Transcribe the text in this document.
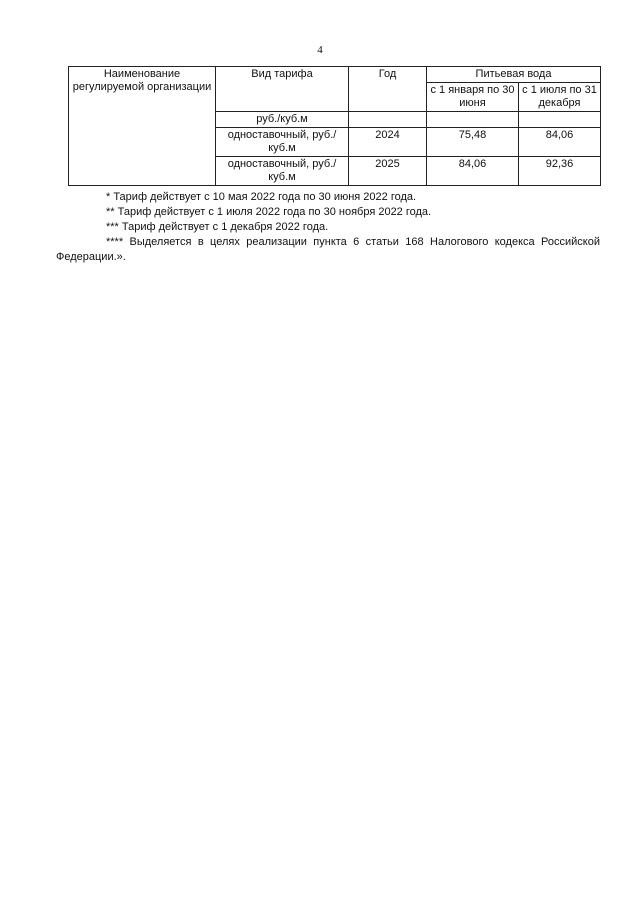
4
Наименование регулируемой организации	Вид тарифа	Год	Питьевая вода	
			с 1 января по 30 июня	с 1 июля по 31 декабря
	руб./куб.м			
	одноставочный, руб./куб.м	2024	75,48	84,06
	одноставочный, руб./куб.м	2025	84,06	92,36

* Тариф действует с 10 мая 2022 года по 30 июня 2022 года.

** Тариф действует с 1 июля 2022 года по 30 ноября 2022 года.

*** Тариф действует с 1 декабря 2022 года.

**** Выделяется в целях реализации пункта 6 статьи 168 Налогового кодекса Российской Федерации.».
